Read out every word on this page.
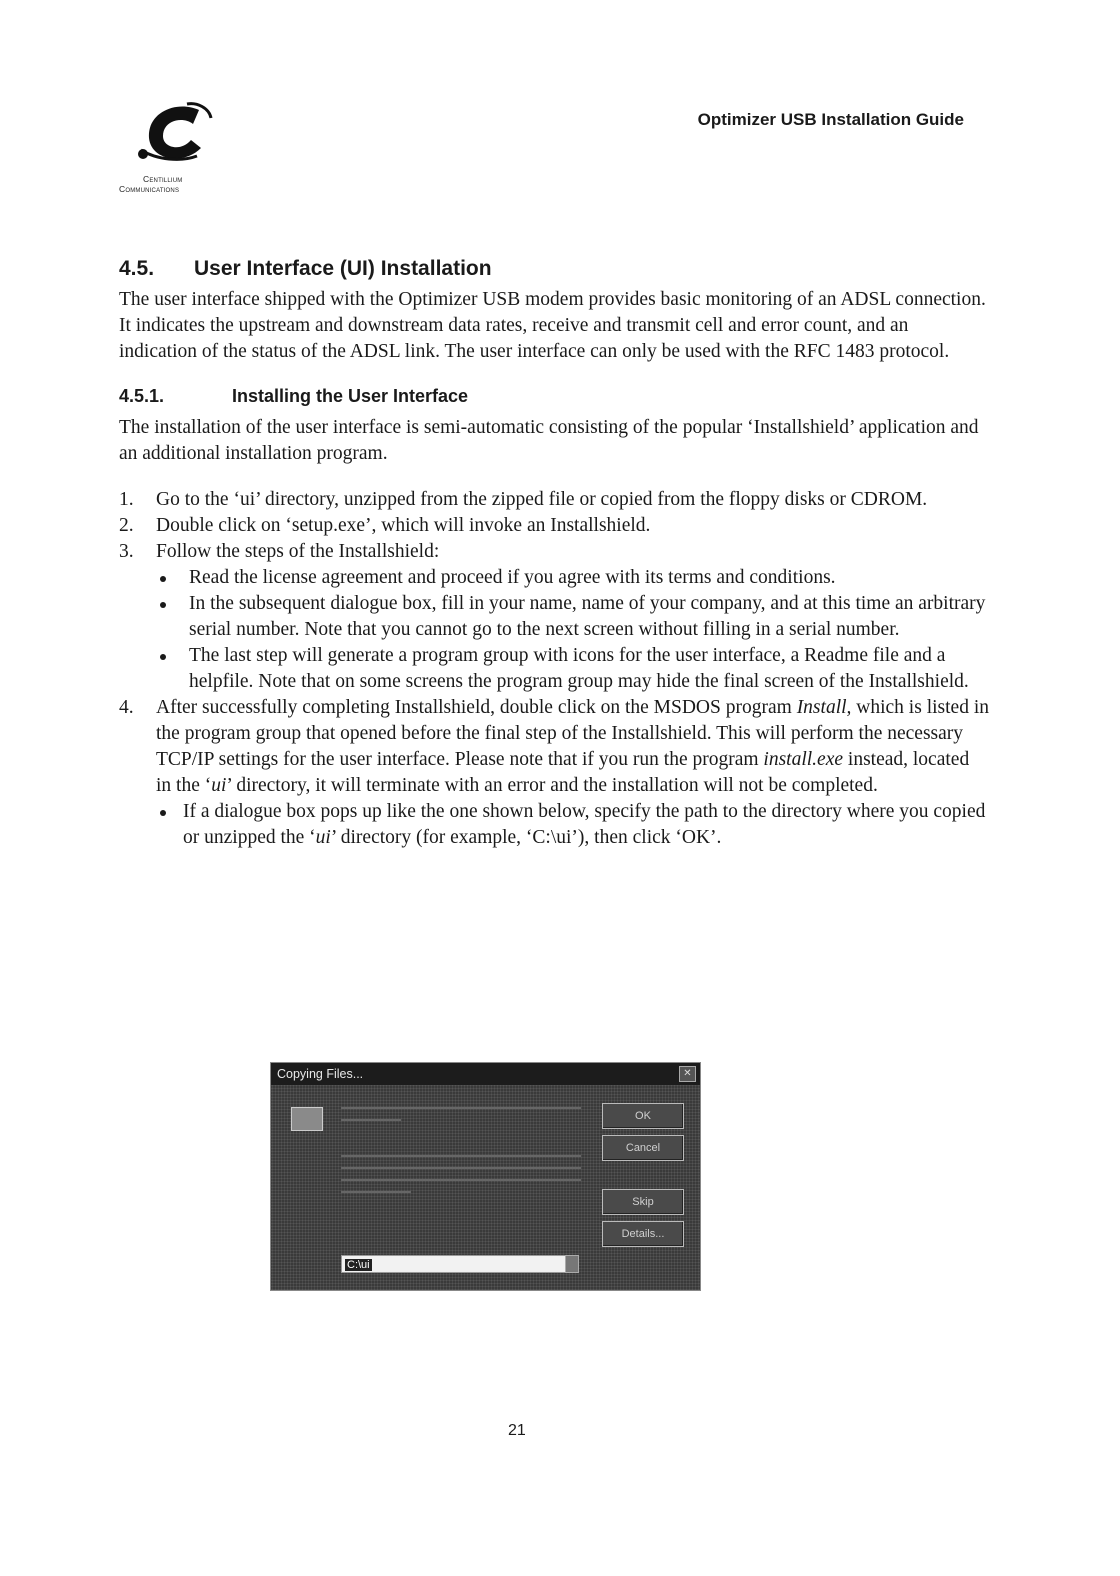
Centillium
Communications
Optimizer USB Installation Guide
4.5. User Interface (UI) Installation

The user interface shipped with the Optimizer USB modem provides basic monitoring of an ADSL connection. It indicates the upstream and downstream data rates, receive and transmit cell and error count, and an indication of the status of the ADSL link. The user interface can only be used with the RFC 1483 protocol.

4.5.1.	Installing the User Interface

The installation of the user interface is semi-automatic consisting of the popular ‘Installshield’ application and an additional installation program.

1. Go to the ‘ui’ directory, unzipped from the zipped file or copied from the floppy disks or CDROM.
2. Double click on ‘setup.exe’, which will invoke an Installshield.
3. Follow the steps of the Installshield:
Read the license agreement and proceed if you agree with its terms and conditions.
In the subsequent dialogue box, fill in your name, name of your company, and at this time an arbitrary serial number. Note that you cannot go to the next screen without filling in a serial number.
The last step will generate a program group with icons for the user interface, a Readme file and a helpfile. Note that on some screens the program group may hide the final screen of the Installshield.
4. After successfully completing Installshield, double click on the MSDOS program Install, which is listed in the program group that opened before the final step of the Installshield. This will perform the necessary TCP/IP settings for the user interface. Please note that if you run the program install.exe instead, located in the ‘ui’ directory, it will terminate with an error and the installation will not be completed.
If a dialogue box pops up like the one shown below, specify the path to the directory where you copied or unzipped the ‘ui’ directory (for example, ‘C:\ui’), then click ‘OK’.
Copying Files...	✕
OK
Cancel
Skip
Details...
C:\ui
21
